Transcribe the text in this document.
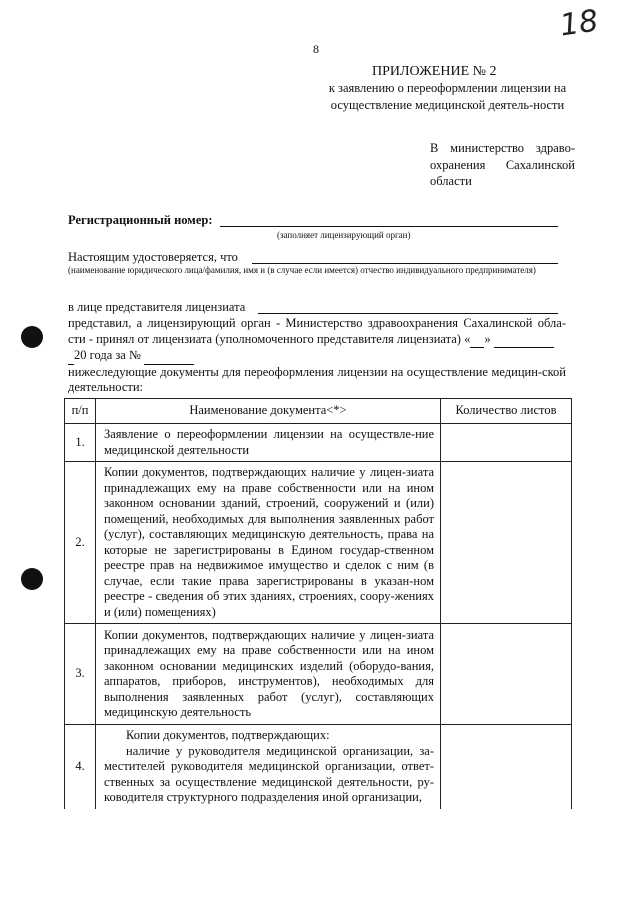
18
8
ПРИЛОЖЕНИЕ № 2
к заявлению о переоформлении лицензии на осуществление медицинской деятель-ности
В министерство здраво-охранения Сахалинской области
Регистрационный номер:
(заполняет лицензирующий орган)
Настоящим удостоверяется, что
(наименование юридического лица/фамилия, имя и (в случае если имеется) отчество индивидуального предпринимателя)
в лице представителя лицензиата
представил, а лицензирующий орган - Министерство здравоохранения Сахалинской обла-сти - принял от лицензиата (уполномоченного представителя лицензиата) « »
20 года за №
нижеследующие документы для переоформления лицензии на осуществление медицин-ской деятельности:
п/п	Наименование документа<*>	Количество листов
1.	Заявление о переоформлении лицензии на осуществле-ние медицинской деятельности	
2.	Копии документов, подтверждающих наличие у лицен-зиата принадлежащих ему на праве собственности или на ином законном основании зданий, строений, сооружений и (или) помещений, необходимых для выполнения заявленных работ (услуг), составляющих медицинскую деятельность, права на которые не зарегистрированы в Едином государ-ственном реестре прав на недвижимое имущество и сделок с ним (в случае, если такие права зарегистрированы в указан-ном реестре - сведения об этих зданиях, строениях, соору-жениях и (или) помещениях)	
3.	Копии документов, подтверждающих наличие у лицен-зиата принадлежащих ему на праве собственности или на ином законном основании медицинских изделий (оборудо-вания, аппаратов, приборов, инструментов), необходимых для выполнения заявленных работ (услуг), составляющих медицинскую деятельность	
4.	Копии документов, подтверждающих:
наличие у руководителя медицинской организации, за-местителей руководителя медицинской организации, ответ-ственных за осуществление медицинской деятельности, ру-ководителя структурного подразделения иной организации,	
